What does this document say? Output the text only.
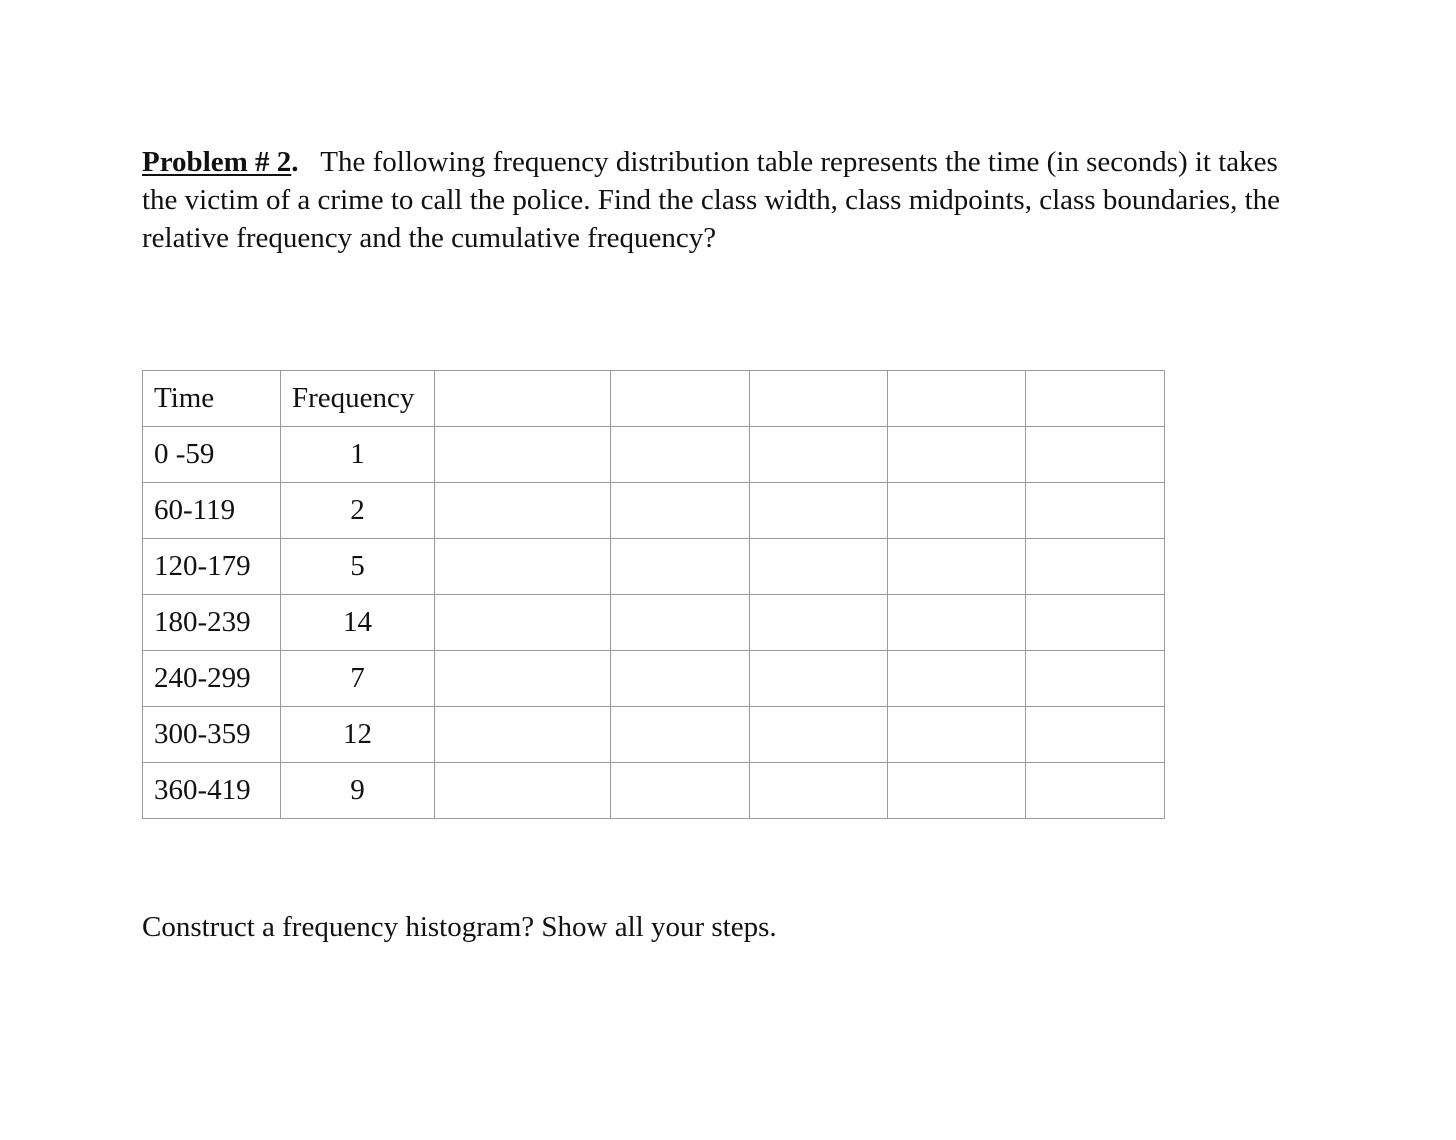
Problem # 2. The following frequency distribution table represents the time (in seconds) it takes the victim of a crime to call the police. Find the class width, class midpoints, class boundaries, the relative frequency and the cumulative frequency?

Time	Frequency					
0 -59	1					
60-119	2					
120-179	5					
180-239	14					
240-299	7					
300-359	12					
360-419	9					

Construct a frequency histogram? Show all your steps.
